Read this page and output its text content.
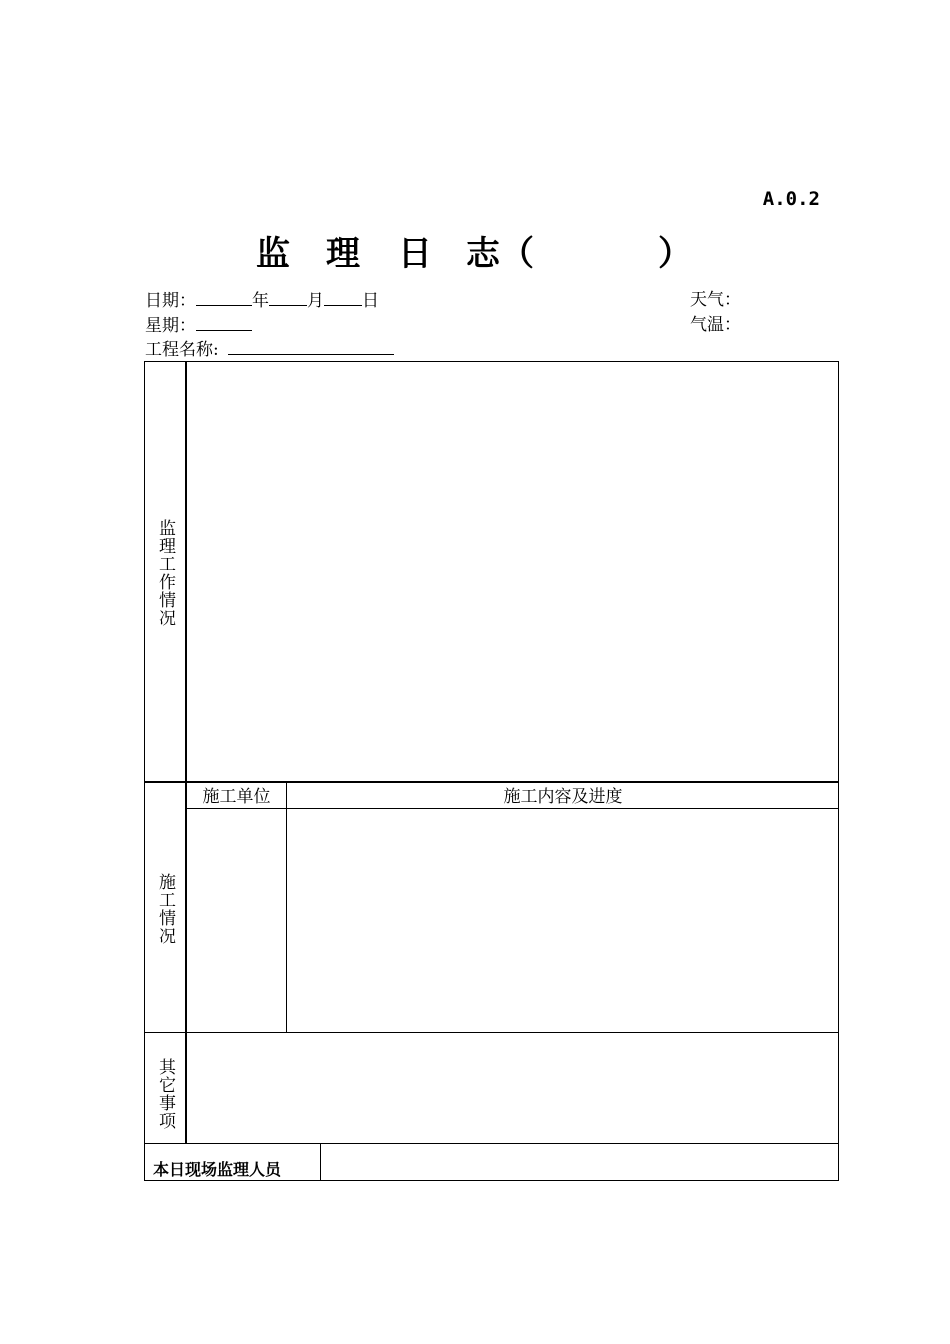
A.0.2
监 理 日 志（	）
日期：	年 月 日	天气：
星期：	气温：
工程名称:
监理工作情况
施工情况
施工单位	施工内容及进度
其它事项
本日现场监理人员
